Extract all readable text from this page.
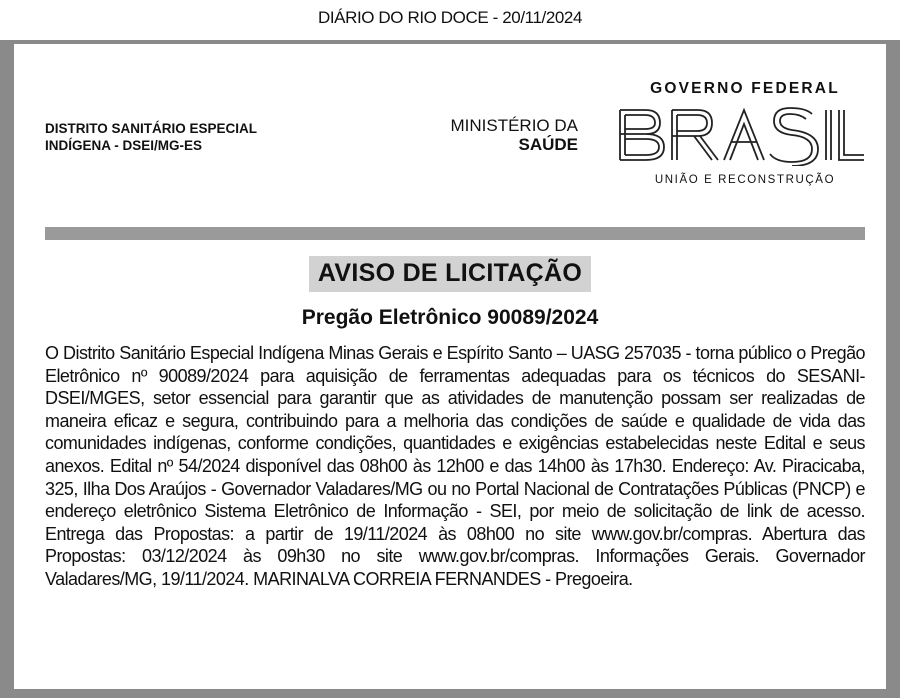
DIÁRIO DO RIO DOCE - 20/11/2024
DISTRITO SANITÁRIO ESPECIAL
INDÍGENA - DSEI/MG-ES
MINISTÉRIO DA
SAÚDE
GOVERNO FEDERAL
UNIÃO E RECONSTRUÇÃO
AVISO DE LICITAÇÃO
Pregão Eletrônico 90089/2024
O Distrito Sanitário Especial Indígena Minas Gerais e Espírito Santo – UASG 257035 - torna público o Pregão Eletrônico nº 90089/2024 para aquisição de ferramentas adequadas para os técnicos do SESANI-DSEI/MGES, setor essencial para garantir que as atividades de manutenção possam ser realizadas de maneira eficaz e segura, contribuindo para a melhoria das condições de saúde e qualidade de vida das comunidades indígenas, conforme condições, quantidades e exigências estabelecidas neste Edital e seus anexos. Edital nº 54/2024 disponível das 08h00 às 12h00 e das 14h00 às 17h30. Endereço: Av. Piracicaba, 325, Ilha Dos Araújos - Governador Valadares/MG ou no Portal Nacional de Contratações Públicas (PNCP) e endereço eletrônico Sistema Eletrônico de Informação - SEI, por meio de solicitação de link de acesso. Entrega das Propostas: a partir de 19/11/2024 às 08h00 no site www.gov.br/compras. Abertura das Propostas: 03/12/2024 às 09h30 no site www.gov.br/compras. Informações Gerais. Governador Valadares/MG, 19/11/2024. MARINALVA CORREIA FERNANDES - Pregoeira.
